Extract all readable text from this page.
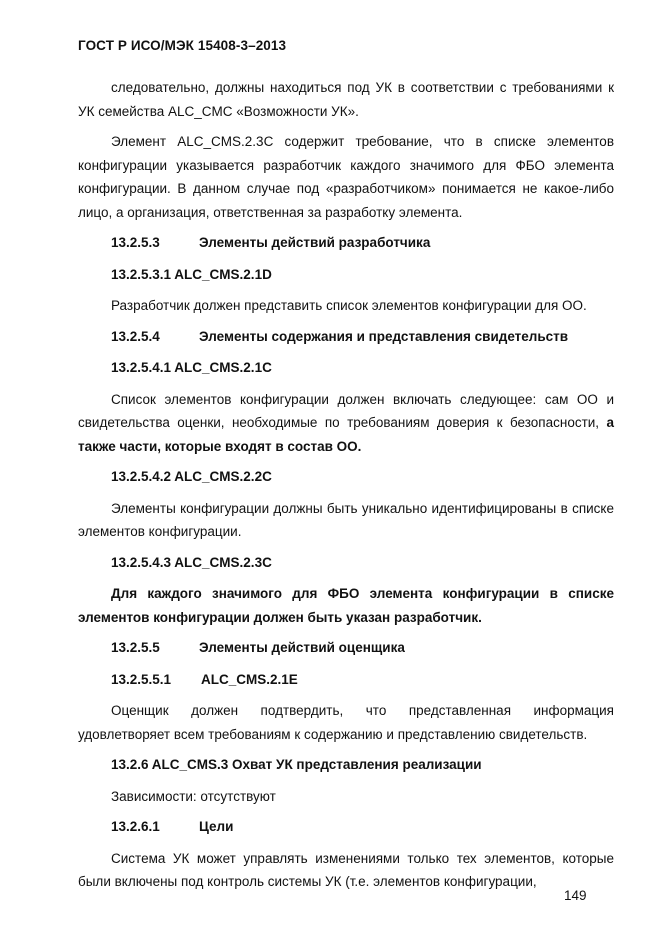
ГОСТ Р ИСО/МЭК 15408-3–2013

следовательно, должны находиться под УК в соответствии с требованиями к УК семейства ALC_CMC «Возможности УК».

Элемент ALC_CMS.2.3C содержит требование, что в списке элементов конфигурации указывается разработчик каждого значимого для ФБО элемента конфигурации. В данном случае под «разработчиком» понимается не какое-либо лицо, а организация, ответственная за разработку элемента.

13.2.5.3	Элементы действий разработчика
13.2.5.3.1 ALC_CMS.2.1D

Разработчик должен представить список элементов конфигурации для ОО.

13.2.5.4	Элементы содержания и представления свидетельств
13.2.5.4.1 ALC_CMS.2.1C

Список элементов конфигурации должен включать следующее: сам ОО и свидетельства оценки, необходимые по требованиям доверия к безопасности, а также части, которые входят в состав ОО.

13.2.5.4.2 ALC_CMS.2.2C

Элементы конфигурации должны быть уникально идентифицированы в списке элементов конфигурации.

13.2.5.4.3 ALC_CMS.2.3C

Для каждого значимого для ФБО элемента конфигурации в списке элементов конфигурации должен быть указан разработчик.

13.2.5.5	Элементы действий оценщика
13.2.5.5.1 ALC_CMS.2.1E

Оценщик должен подтвердить, что представленная информация удовлетворяет всем требованиям к содержанию и представлению свидетельств.

13.2.6 ALC_CMS.3 Охват УК представления реализации

Зависимости: отсутствуют

13.2.6.1	Цели

Система УК может управлять изменениями только тех элементов, которые были включены под контроль системы УК (т.е. элементов конфигурации,

149
